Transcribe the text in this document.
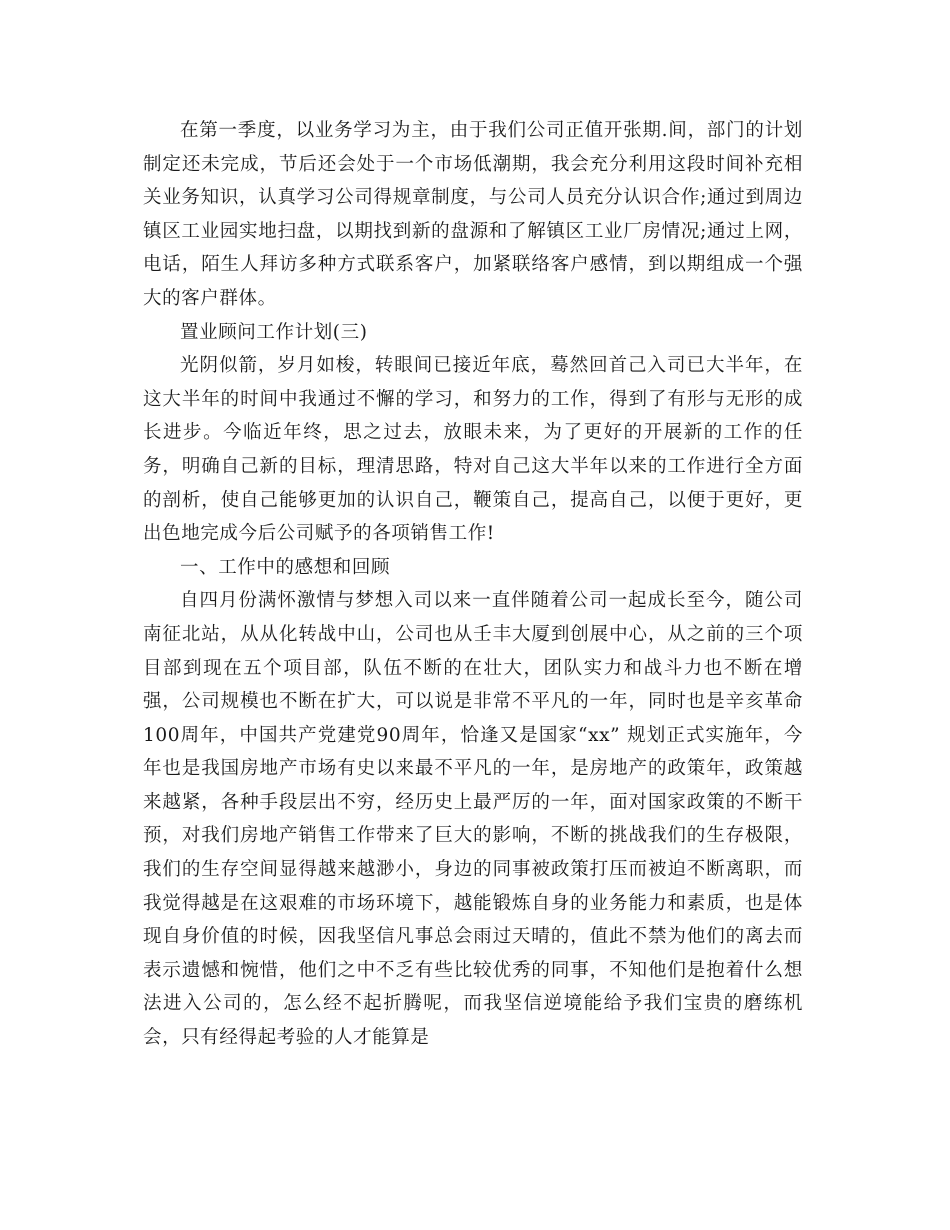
在第一季度，以业务学习为主，由于我们公司正值开张期.间，部门的计划制定还未完成，节后还会处于一个市场低潮期，我会充分利用这段时间补充相关业务知识，认真学习公司得规章制度，与公司人员充分认识合作;通过到周边镇区工业园实地扫盘，以期找到新的盘源和了解镇区工业厂房情况;通过上网，电话，陌生人拜访多种方式联系客户，加紧联络客户感情，到以期组成一个强大的客户群体。

置业顾问工作计划(三)

光阴似箭，岁月如梭，转眼间已接近年底，蓦然回首己入司已大半年，在这大半年的时间中我通过不懈的学习，和努力的工作，得到了有形与无形的成长进步。今临近年终，思之过去，放眼未来，为了更好的开展新的工作的任务，明确自己新的目标，理清思路，特对自己这大半年以来的工作进行全方面的剖析，使自己能够更加的认识自己，鞭策自己，提高自己，以便于更好，更出色地完成今后公司赋予的各项销售工作!

一、工作中的感想和回顾

自四月份满怀激情与梦想入司以来一直伴随着公司一起成长至今，随公司南征北站，从从化转战中山，公司也从壬丰大厦到创展中心，从之前的三个项目部到现在五个项目部，队伍不断的在壮大，团队实力和战斗力也不断在增强，公司规模也不断在扩大，可以说是非常不平凡的一年，同时也是辛亥革命100周年，中国共产党建党90周年，恰逢又是国家“xx” 规划正式实施年，今年也是我国房地产市场有史以来最不平凡的一年，是房地产的政策年，政策越来越紧，各种手段层出不穷，经历史上最严厉的一年，面对国家政策的不断干预，对我们房地产销售工作带来了巨大的影响，不断的挑战我们的生存极限，我们的生存空间显得越来越渺小，身边的同事被政策打压而被迫不断离职，而我觉得越是在这艰难的市场环境下，越能锻炼自身的业务能力和素质，也是体现自身价值的时候，因我坚信凡事总会雨过天晴的，值此不禁为他们的离去而表示遗憾和惋惜，他们之中不乏有些比较优秀的同事，不知他们是抱着什么想法进入公司的，怎么经不起折腾呢，而我坚信逆境能给予我们宝贵的磨练机会，只有经得起考验的人才能算是
